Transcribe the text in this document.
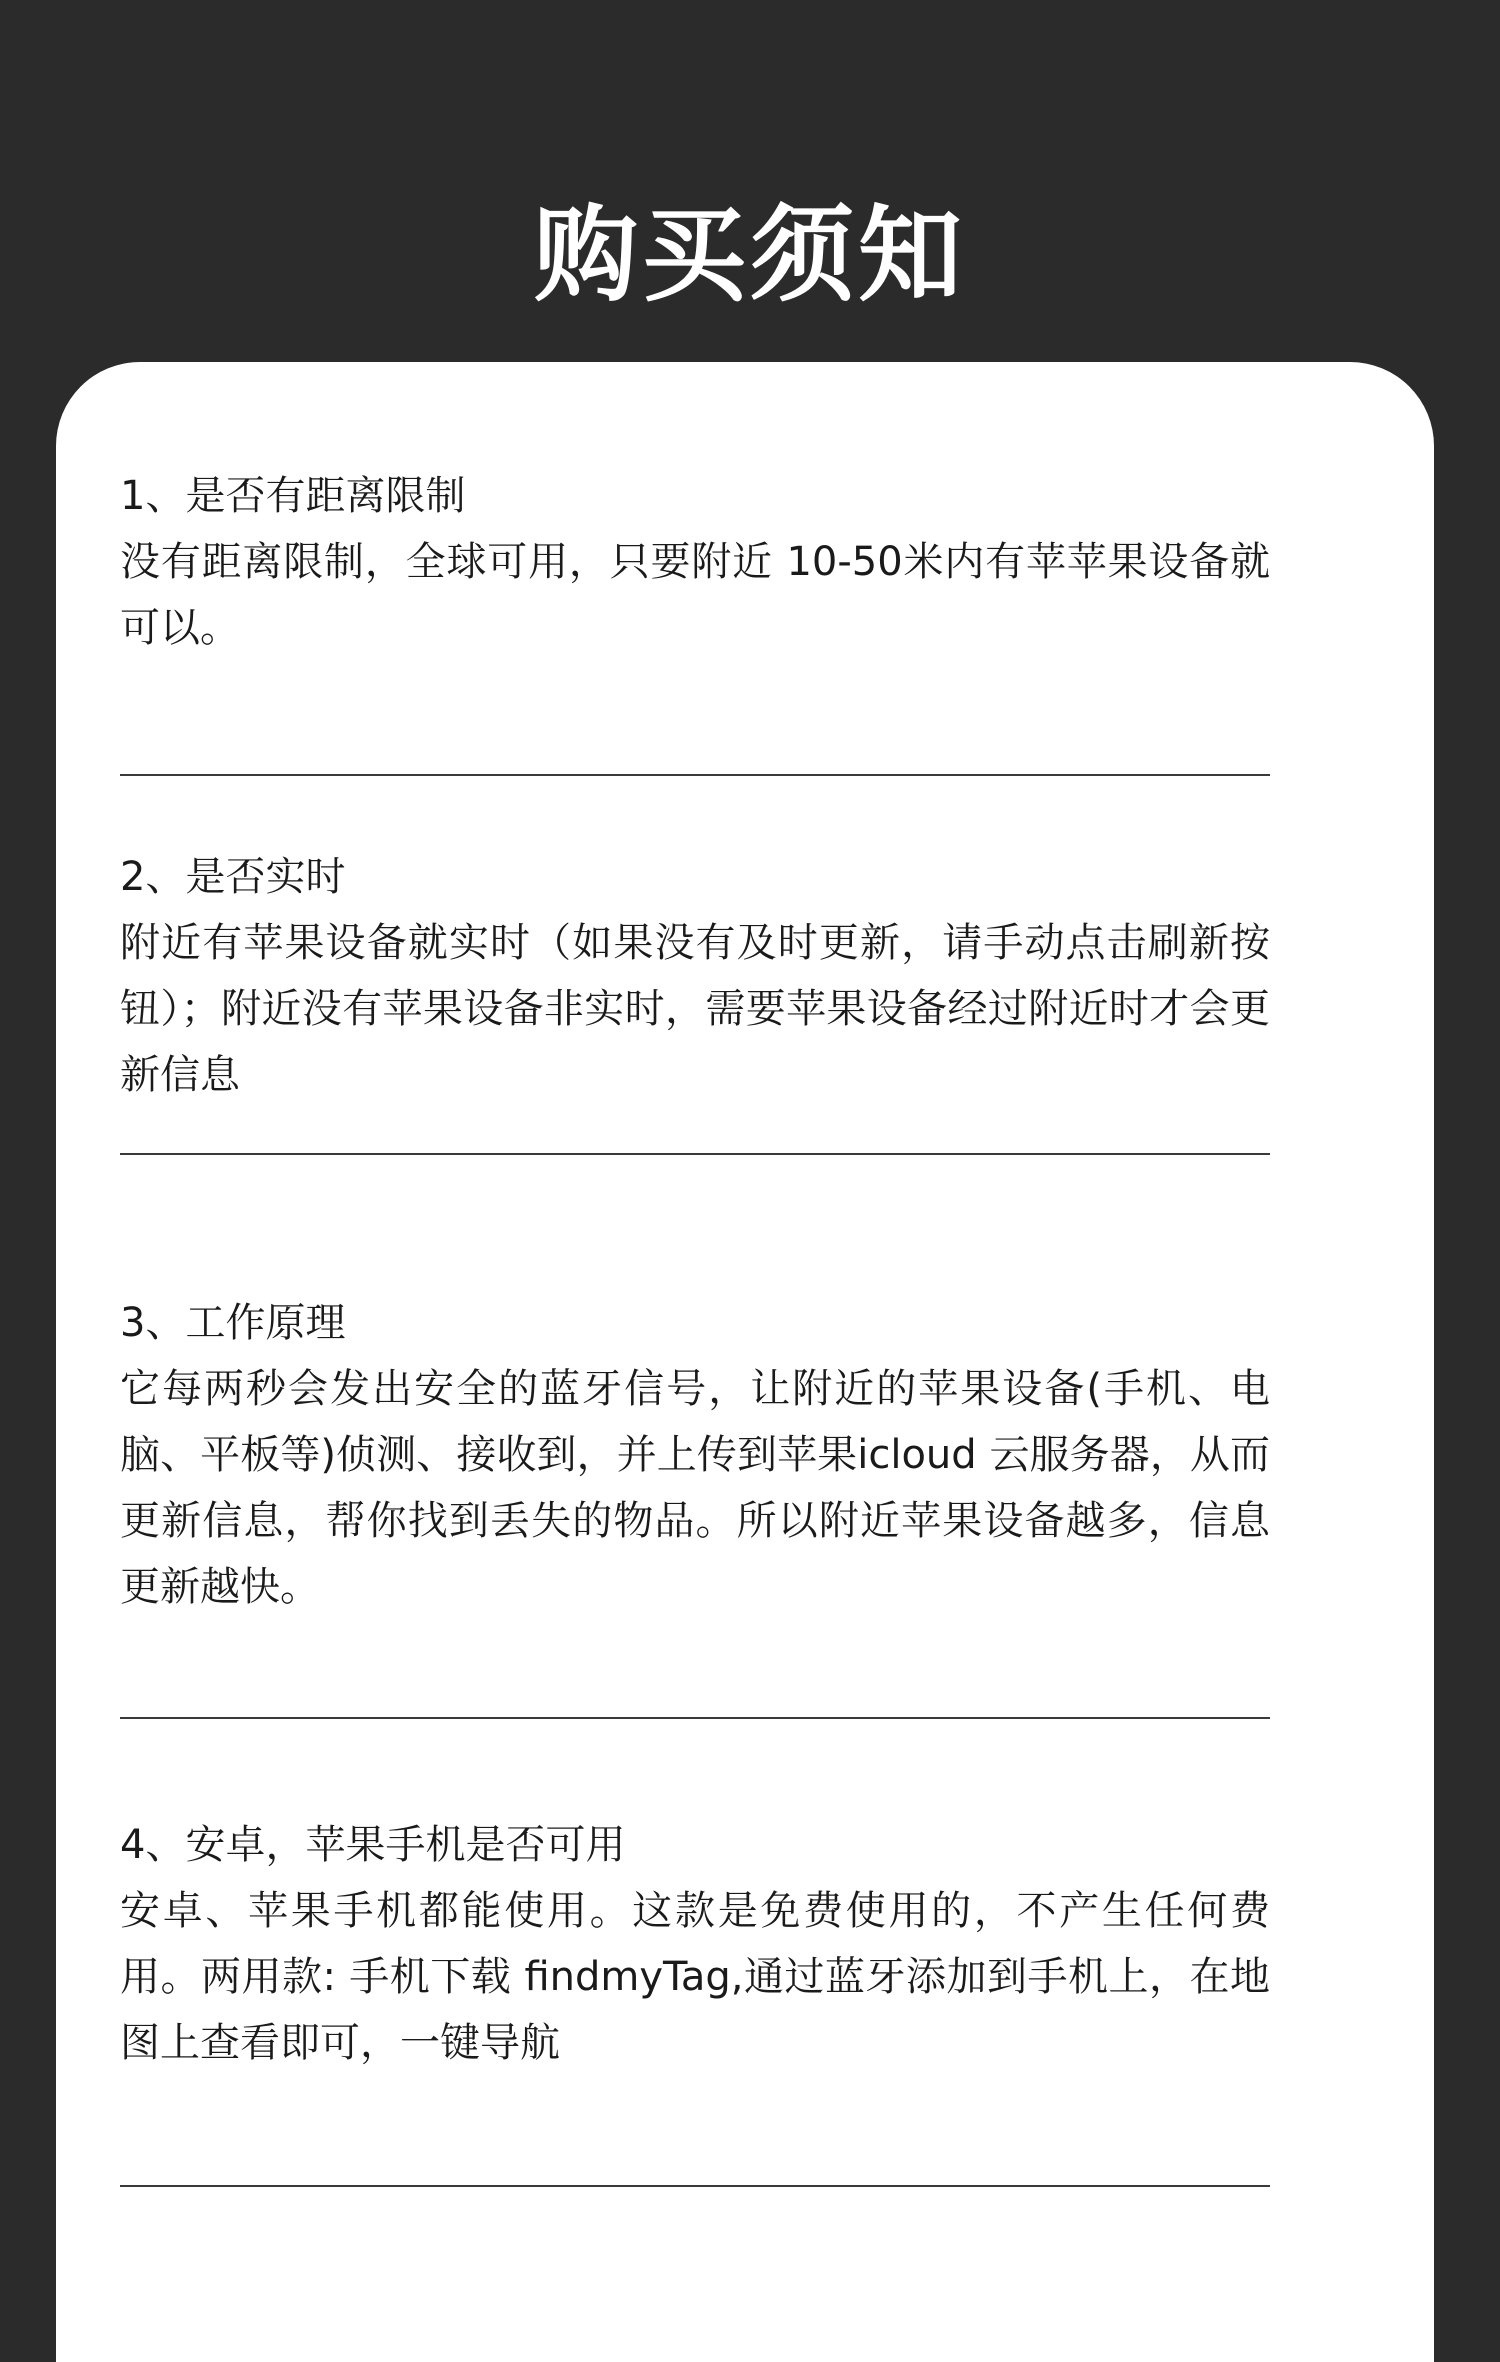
购买须知
1、是否有距离限制

没有距离限制，全球可用，只要附近 10-50米内有苹苹果设备就可以。

2、是否实时

附近有苹果设备就实时（如果没有及时更新，请手动点击刷新按钮）；附近没有苹果设备非实时，需要苹果设备经过附近时才会更新信息

3、工作原理

它每两秒会发出安全的蓝牙信号，让附近的苹果设备(手机、电脑、平板等)侦测、接收到，并上传到苹果icloud 云服务器，从而更新信息，帮你找到丢失的物品。所以附近苹果设备越多，信息更新越快。

4、安卓，苹果手机是否可用

安卓、苹果手机都能使用。这款是免费使用的，不产生任何费用。两用款: 手机下载 findmyTag,通过蓝牙添加到手机上，在地图上查看即可，一键导航
